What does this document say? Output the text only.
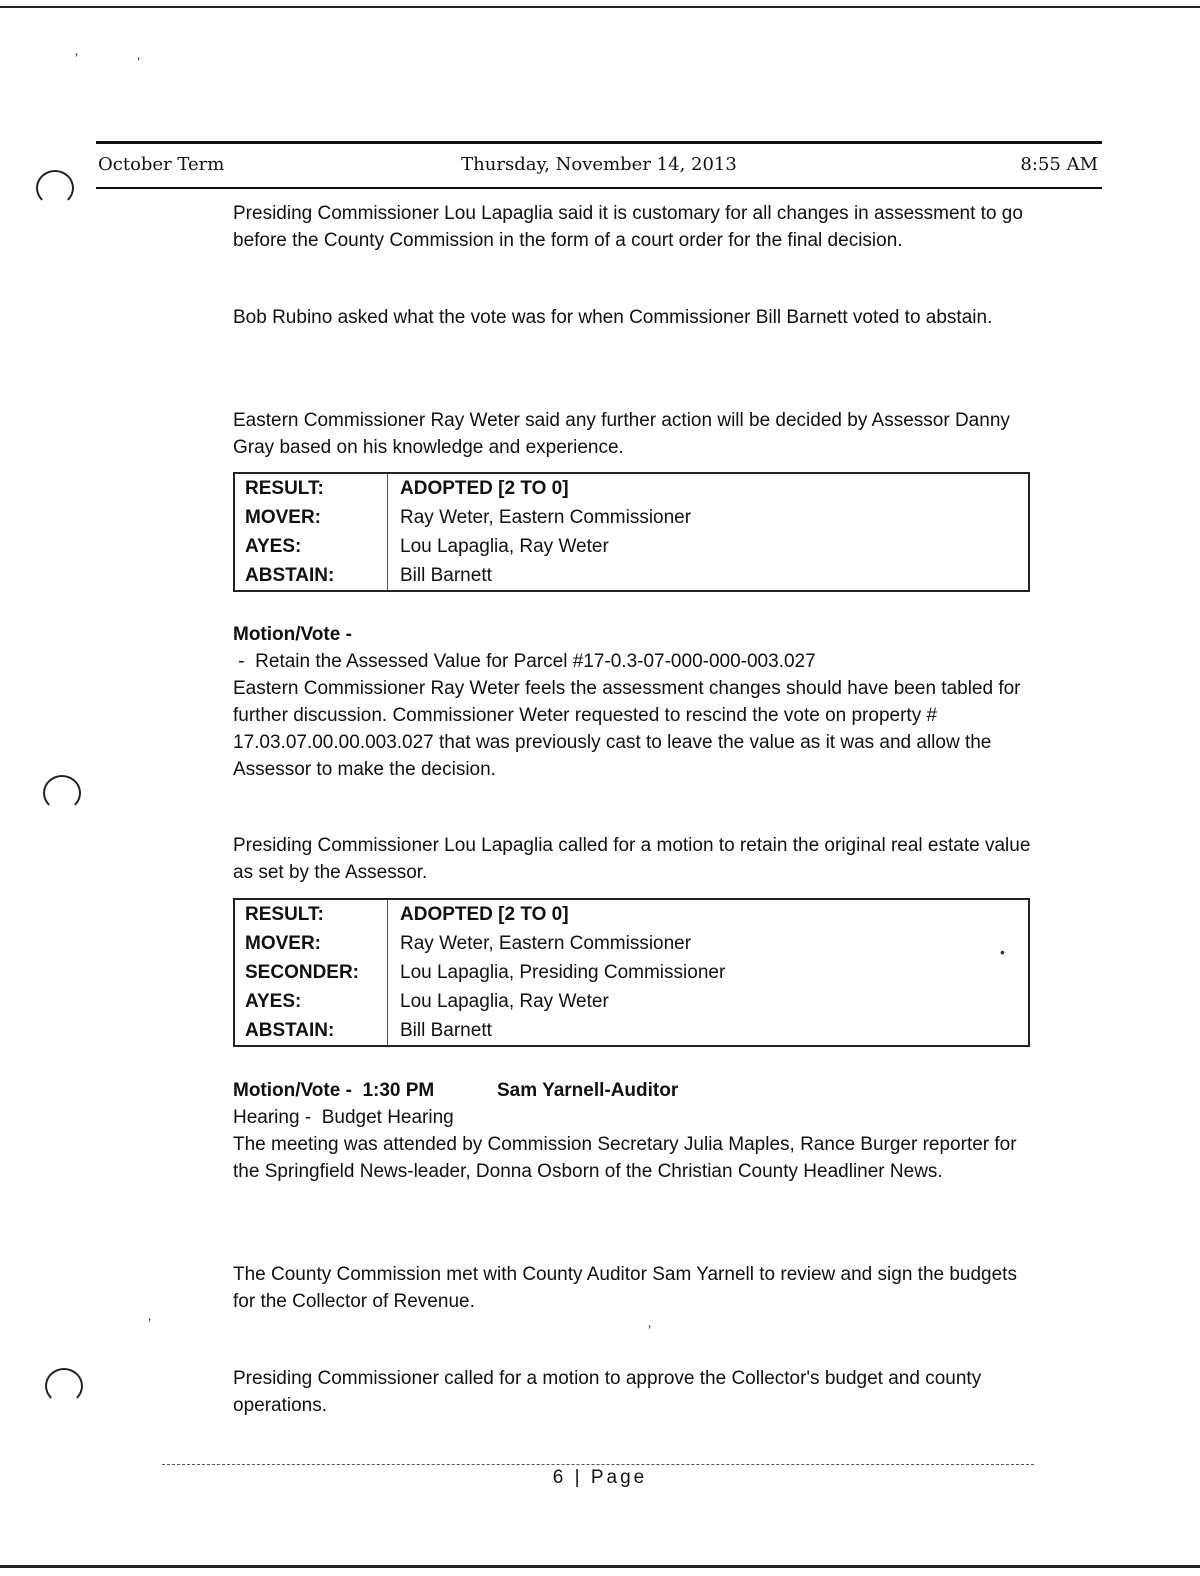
’	’
October Term	Thursday, November 14, 2013	8:55 AM

Presiding Commissioner Lou Lapaglia said it is customary for all changes in assessment to go before the County Commission in the form of a court order for the final decision.

Bob Rubino asked what the vote was for when Commissioner Bill Barnett voted to abstain.

Eastern Commissioner Ray Weter said any further action will be decided by Assessor Danny Gray based on his knowledge and experience.

RESULT:	ADOPTED [2 TO 0]
MOVER:	Ray Weter, Eastern Commissioner
AYES:	Lou Lapaglia, Ray Weter
ABSTAIN:	Bill Barnett

Motion/Vote -

-  Retain the Assessed Value for Parcel #17-0.3-07-000-000-003.027

Eastern Commissioner Ray Weter feels the assessment changes should have been tabled for further discussion. Commissioner Weter requested to rescind the vote on property # 17.03.07.00.00.003.027 that was previously cast to leave the value as it was and allow the Assessor to make the decision.

Presiding Commissioner Lou Lapaglia called for a motion to retain the original real estate value as set by the Assessor.

RESULT:	ADOPTED [2 TO 0]
MOVER:	Ray Weter, Eastern Commissioner
SECONDER:	Lou Lapaglia, Presiding Commissioner
AYES:	Lou Lapaglia, Ray Weter
ABSTAIN:	Bill Barnett
•

Motion/Vote -  1:30 PM	Sam Yarnell-Auditor

Hearing -  Budget Hearing

The meeting was attended by Commission Secretary Julia Maples, Rance Burger reporter for the Springfield News-leader, Donna Osborn of the Christian County Headliner News.

The County Commission met with County Auditor Sam Yarnell to review and sign the budgets for the Collector of Revenue.

’	’

Presiding Commissioner called for a motion to approve the Collector's budget and county operations.

6 | Page
